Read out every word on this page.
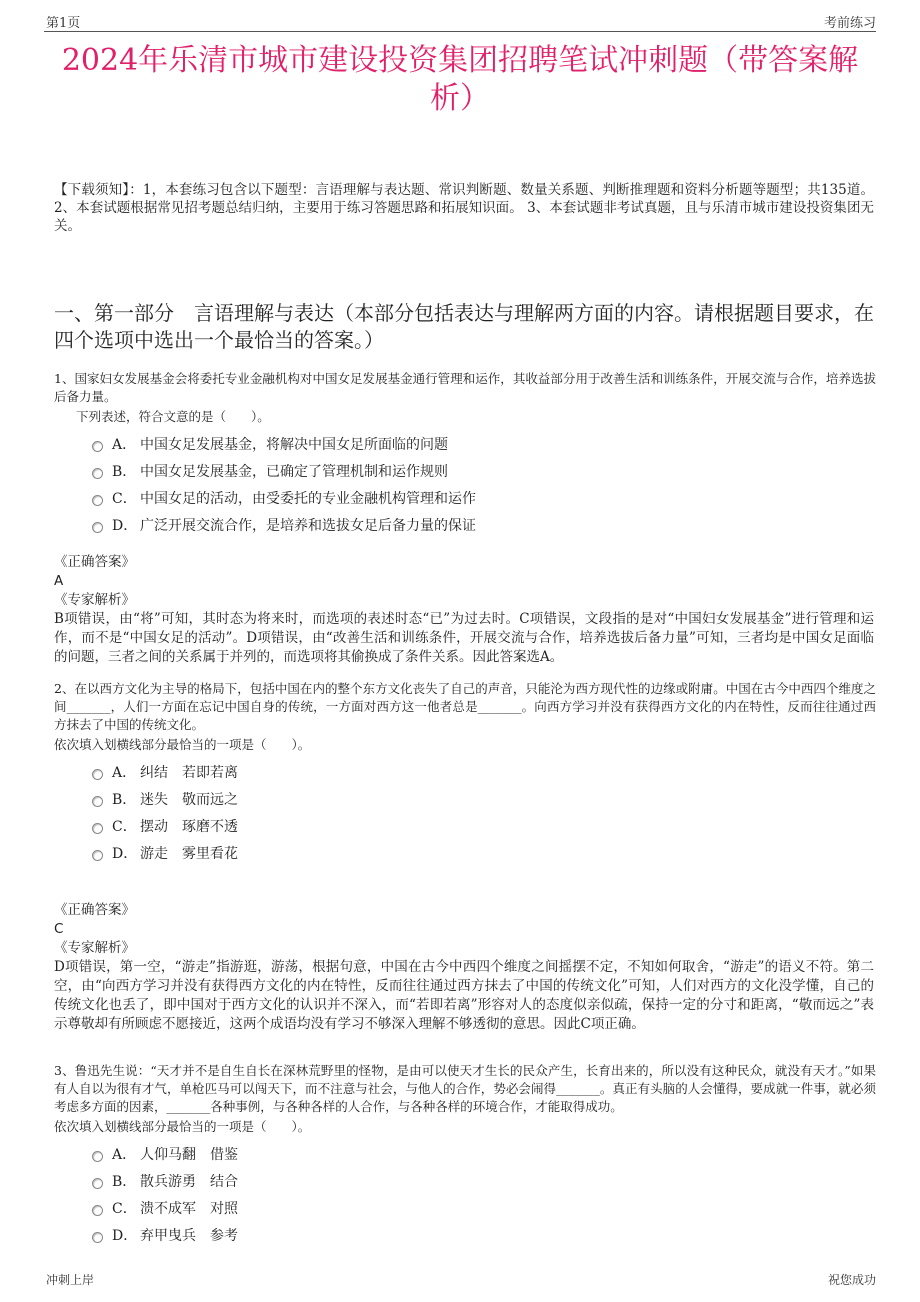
第1页	考前练习
2024年乐清市城市建设投资集团招聘笔试冲刺题（带答案解析）
【下载须知】：1，本套练习包含以下题型：言语理解与表达题、常识判断题、数量关系题、判断推理题和资料分析题等题型；共135道。 2、本套试题根据常见招考题总结归纳，主要用于练习答题思路和拓展知识面。 3、本套试题非考试真题，且与乐清市城市建设投资集团无关。
一、第一部分　言语理解与表达（本部分包括表达与理解两方面的内容。请根据题目要求，在四个选项中选出一个最恰当的答案。）
1、国家妇女发展基金会将委托专业金融机构对中国女足发展基金通行管理和运作，其收益部分用于改善生活和训练条件，开展交流与合作，培养选拔后备力量。
下列表述，符合文意的是（　　）。
A． 中国女足发展基金，将解决中国女足所面临的问题
B． 中国女足发展基金，已确定了管理机制和运作规则
C． 中国女足的活动，由受委托的专业金融机构管理和运作
D． 广泛开展交流合作，是培养和选拔女足后备力量的保证
《正确答案》
A
《专家解析》
B项错误，由“将”可知，其时态为将来时，而选项的表述时态“已”为过去时。C项错误，文段指的是对“中国妇女发展基金”进行管理和运作，而不是“中国女足的活动”。D项错误，由“改善生活和训练条件，开展交流与合作，培养选拔后备力量”可知，三者均是中国女足面临的问题，三者之间的关系属于并列的，而选项将其偷换成了条件关系。因此答案选A。
2、在以西方文化为主导的格局下，包括中国在内的整个东方文化丧失了自己的声音，只能沦为西方现代性的边缘或附庸。中国在古今中西四个维度之间_______，人们一方面在忘记中国自身的传统，一方面对西方这一他者总是_______。向西方学习并没有获得西方文化的内在特性，反而往往通过西方抹去了中国的传统文化。
依次填入划横线部分最恰当的一项是（　　）。
A． 纠结　若即若离
B． 迷失　敬而远之
C． 摆动　琢磨不透
D． 游走　雾里看花
《正确答案》
C
《专家解析》
D项错误，第一空，“游走”指游逛，游荡，根据句意，中国在古今中西四个维度之间摇摆不定，不知如何取舍，“游走”的语义不符。第二空，由“向西方学习并没有获得西方文化的内在特性，反而往往通过西方抹去了中国的传统文化”可知，人们对西方的文化没学懂，自己的传统文化也丢了，即中国对于西方文化的认识并不深入，而“若即若离”形容对人的态度似亲似疏，保持一定的分寸和距离，“敬而远之”表示尊敬却有所顾虑不愿接近，这两个成语均没有学习不够深入理解不够透彻的意思。因此C项正确。
3、鲁迅先生说：“天才并不是自生自长在深林荒野里的怪物，是由可以使天才生长的民众产生，长育出来的，所以没有这种民众，就没有天才。”如果有人自以为很有才气，单枪匹马可以闯天下，而不注意与社会，与他人的合作，势必会闹得_______。真正有头脑的人会懂得，要成就一件事，就必须考虑多方面的因素，_______各种事例，与各种各样的人合作，与各种各样的环境合作，才能取得成功。
依次填入划横线部分最恰当的一项是（　　）。
A． 人仰马翻　借鉴
B． 散兵游勇　结合
C． 溃不成军　对照
D． 弃甲曳兵　参考
冲刺上岸	祝您成功
